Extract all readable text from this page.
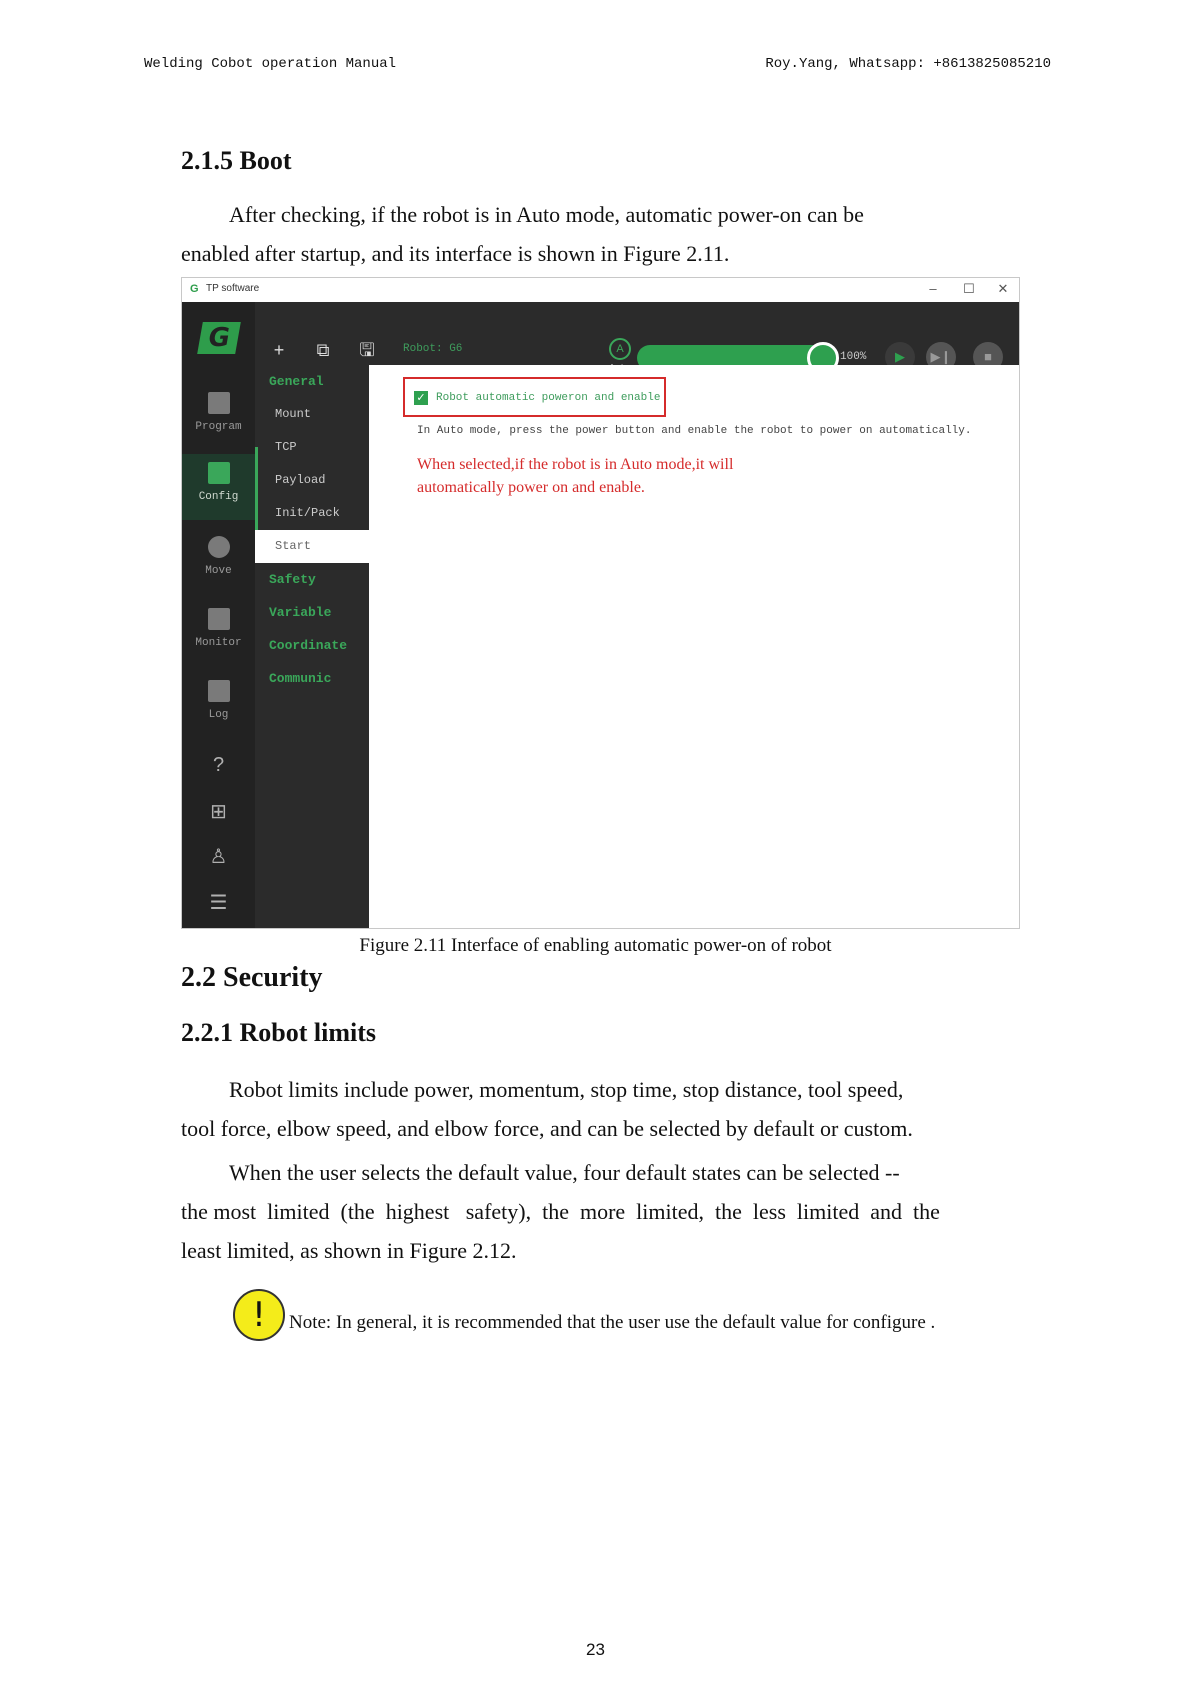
Welding Cobot operation Manual	Roy.Yang, Whatsapp: +8613825085210
2.1.5 Boot
After checking, if the robot is in Auto mode, automatic power-on can be
enabled after startup, and its interface is shown in Figure 2.11.
G TP software	–	☐ ✕
+	⧉	🖫	Robot: G6	A
100%	▶	▶❙	■
G
Program
Config
Move
Monitor
Log
?
⊞
♙
☰
General
Mount
TCP
Payload
Init/Pack
Start
Safety
Variable
Coordinate
Communic
✓ Robot automatic poweron and enable
In Auto mode, press the power button and enable the robot to power on automatically.
When selected,if the robot is in Auto mode,it will
automatically power on and enable.
Figure 2.11 Interface of enabling automatic power-on of robot
2.2 Security
2.2.1 Robot limits
Robot limits include power, momentum, stop time, stop distance, tool speed,
tool force, elbow speed, and elbow force, and can be selected by default or custom.
When the user selects the default value, four default states can be selected --
the most  limited  (the  highest   safety),  the  more  limited,  the  less  limited  and  the
least limited, as shown in Figure 2.12.
!	Note: In general, it is recommended that the user use the default value for configure .
23
